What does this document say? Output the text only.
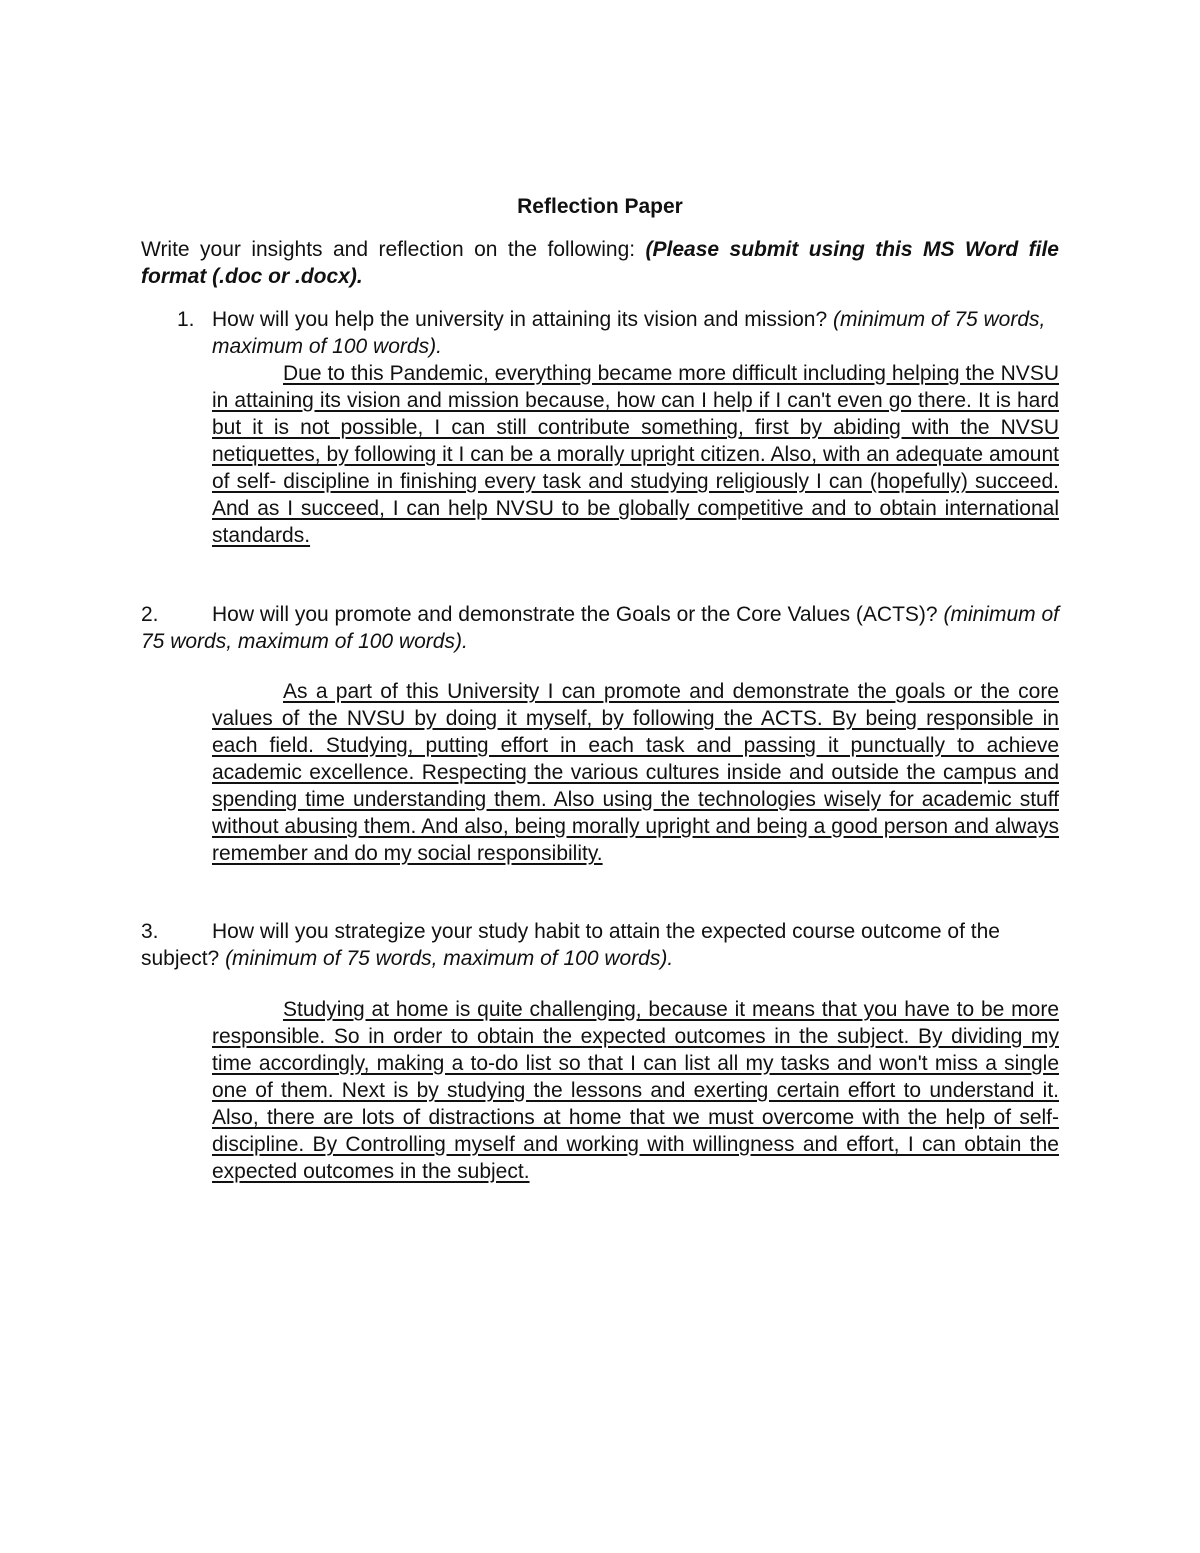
Reflection Paper
Write your insights and reflection on the following: (Please submit using this MS Word file format (.doc or .docx).
1. How will you help the university in attaining its vision and mission? (minimum of 75 words, maximum of 100 words).
Due to this Pandemic, everything became more difficult including helping the NVSU in attaining its vision and mission because, how can I help if I can't even go there. It is hard but it is not possible, I can still contribute something, first by abiding with the NVSU netiquettes, by following it I can be a morally upright citizen. Also, with an adequate amount of self- discipline in finishing every task and studying religiously I can (hopefully) succeed. And as I succeed, I can help NVSU to be globally competitive and to obtain international standards.
2.	How will you promote and demonstrate the Goals or the Core Values (ACTS)? (minimum of 75 words, maximum of 100 words).
As a part of this University I can promote and demonstrate the goals or the core values of the NVSU by doing it myself, by following the ACTS. By being responsible in each field. Studying, putting effort in each task and passing it punctually to achieve academic excellence. Respecting the various cultures inside and outside the campus and spending time understanding them. Also using the technologies wisely for academic stuff without abusing them. And also, being morally upright and being a good person and always remember and do my social responsibility.
3.	How will you strategize your study habit to attain the expected course outcome of the subject? (minimum of 75 words, maximum of 100 words).
Studying at home is quite challenging, because it means that you have to be more responsible. So in order to obtain the expected outcomes in the subject. By dividing my time accordingly, making a to-do list so that I can list all my tasks and won't miss a single one of them. Next is by studying the lessons and exerting certain effort to understand it. Also, there are lots of distractions at home that we must overcome with the help of self-discipline. By Controlling myself and working with willingness and effort, I can obtain the expected outcomes in the subject.
